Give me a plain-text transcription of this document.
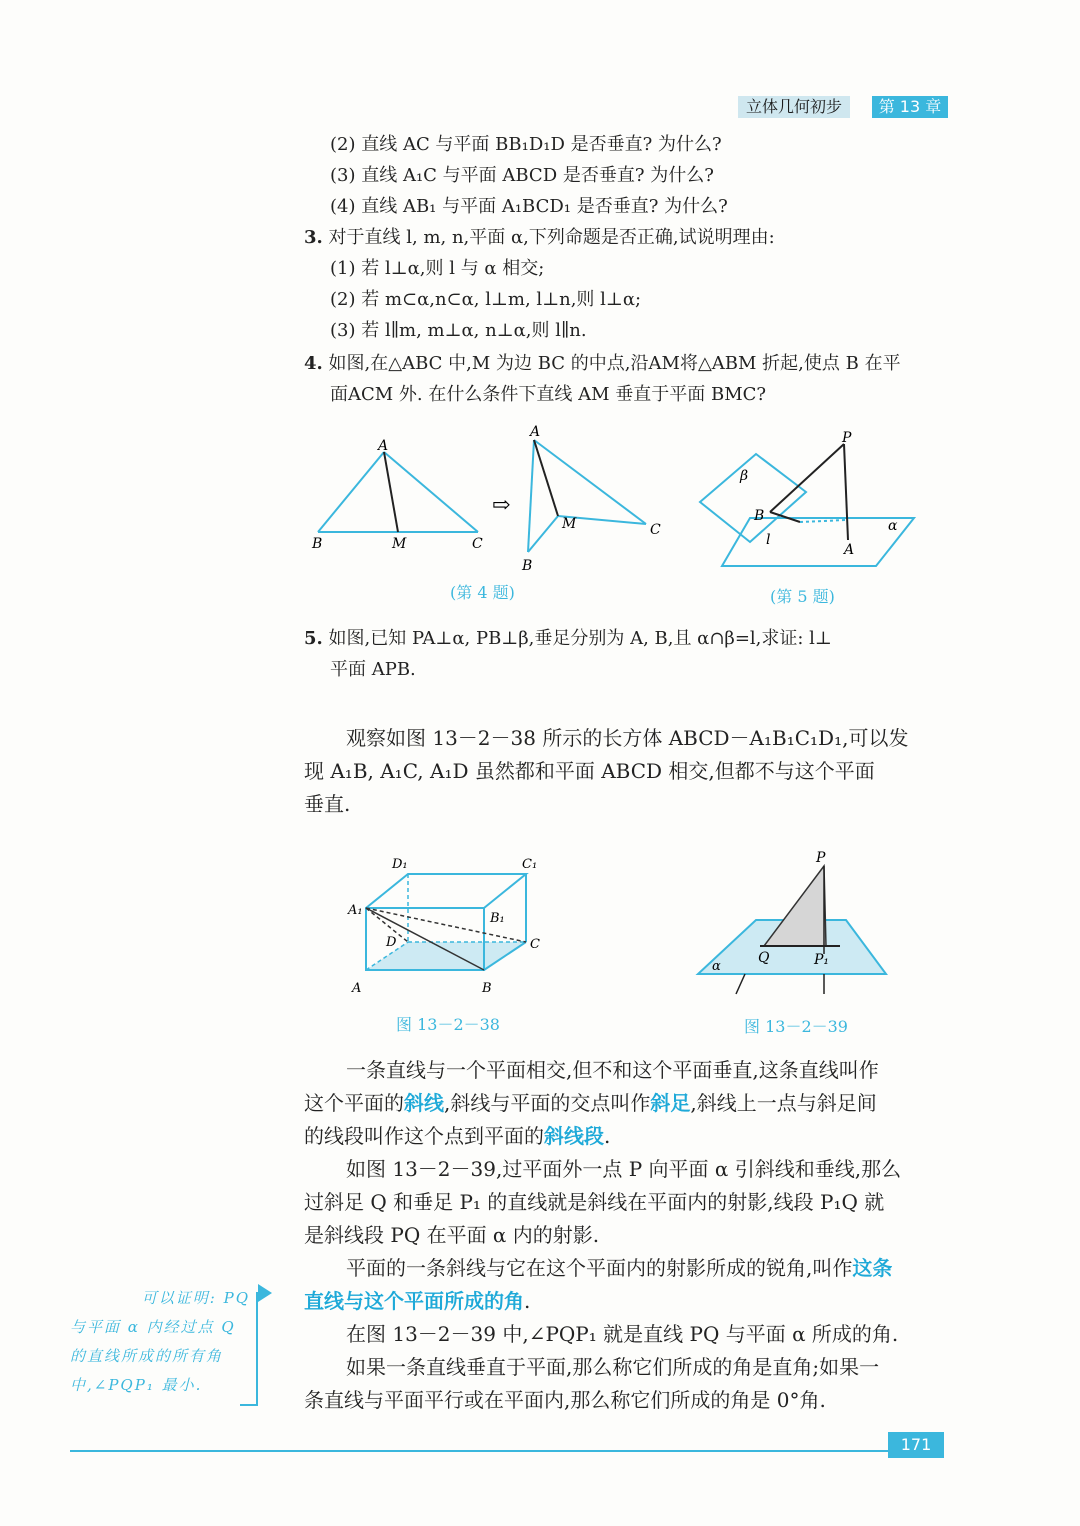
立体几何初步	第 13 章
(2) 直线 AC 与平面 BB₁D₁D 是否垂直? 为什么?
(3) 直线 A₁C 与平面 ABCD 是否垂直? 为什么?
(4) 直线 AB₁ 与平面 A₁BCD₁ 是否垂直? 为什么?
3. 对于直线 l, m, n,平面 α,下列命题是否正确,试说明理由:
(1) 若 l⊥α,则 l 与 α 相交;
(2) 若 m⊂α,n⊂α, l⊥m, l⊥n,则 l⊥α;
(3) 若 l∥m, m⊥α, n⊥α,则 l∥n.
4. 如图,在△ABC 中,M 为边 BC 的中点,沿AM将△ABM 折起,使点 B 在平
面ACM 外. 在什么条件下直线 AM 垂直于平面 BMC?
A
B	M	C
⇨
A
B
M	C
(第 4 题)
P
β
B
l
α
A
(第 5 题)
5. 如图,已知 PA⊥α, PB⊥β,垂足分别为 A, B,且 α∩β=l,求证: l⊥
平面 APB.
观察如图 13－2－38 所示的长方体 ABCD－A₁B₁C₁D₁,可以发
现 A₁B, A₁C, A₁D 虽然都和平面 ABCD 相交,但都不与这个平面
垂直.
D₁	C₁
A₁
B₁
D	C
A	B
图 13－2－38
P
α
Q	P₁
图 13－2－39
一条直线与一个平面相交,但不和这个平面垂直,这条直线叫作
这个平面的斜线,斜线与平面的交点叫作斜足,斜线上一点与斜足间
的线段叫作这个点到平面的斜线段.
如图 13－2－39,过平面外一点 P 向平面 α 引斜线和垂线,那么
过斜足 Q 和垂足 P₁ 的直线就是斜线在平面内的射影,线段 P₁Q 就
是斜线段 PQ 在平面 α 内的射影.
平面的一条斜线与它在这个平面内的射影所成的锐角,叫作这条
直线与这个平面所成的角.
在图 13－2－39 中,∠PQP₁ 就是直线 PQ 与平面 α 所成的角.
如果一条直线垂直于平面,那么称它们所成的角是直角;如果一
条直线与平面平行或在平面内,那么称它们所成的角是 0°角.
可以证明: PQ
与平面 α 内经过点 Q
的直线所成的所有角
中,∠PQP₁ 最小.
171
